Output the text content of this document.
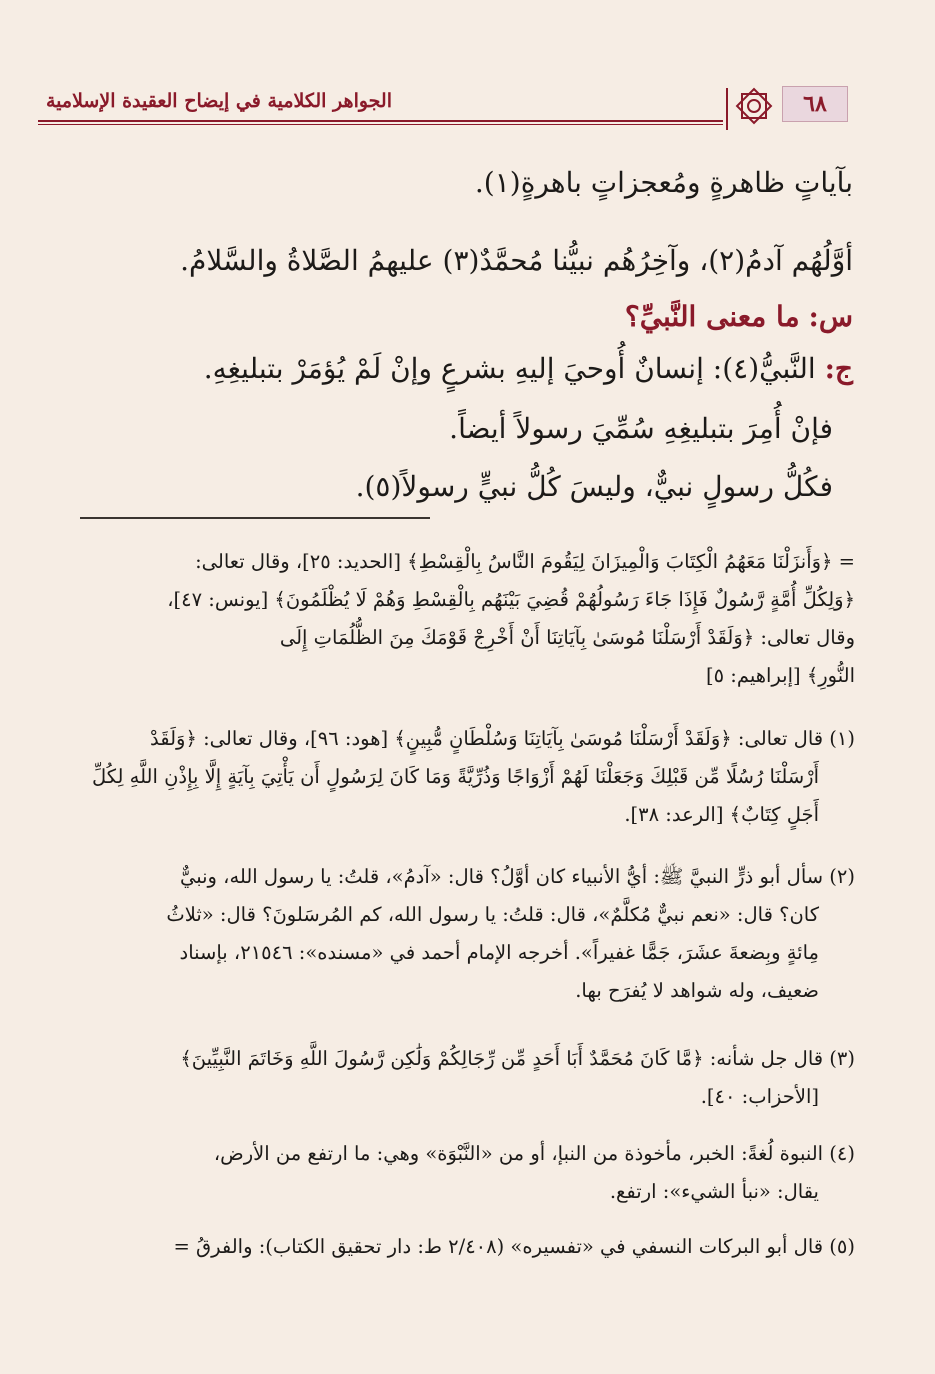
٦٨
الجواهر الكلامية في إيضاح العقيدة الإسلامية

بآياتٍ ظاهرةٍ ومُعجزاتٍ باهرةٍ(١).

أوَّلُهُم آدمُ(٢)، وآخِرُهُم نبيُّنا مُحمَّدٌ(٣) عليهمُ الصَّلاةُ والسَّلامُ.

س: ما معنى النَّبيِّ؟

ج: النَّبيُّ(٤): إنسانٌ أُوحيَ إليهِ بشرعٍ وإنْ لَمْ يُؤمَرْ بتبليغِهِ.

فإنْ أُمِرَ بتبليغِهِ سُمِّيَ رسولاً أيضاً.

فكُلُّ رسولٍ نبيٌّ، وليسَ كُلُّ نبيٍّ رسولاً(٥).

= ﴿وَأَنزَلْنَا مَعَهُمُ الْكِتَابَ وَالْمِيزَانَ لِيَقُومَ النَّاسُ بِالْقِسْطِ﴾ [الحديد: ٢٥]، وقال تعالى:
﴿وَلِكُلِّ أُمَّةٍ رَّسُولٌ فَإِذَا جَاءَ رَسُولُهُمْ قُضِيَ بَيْنَهُم بِالْقِسْطِ وَهُمْ لَا يُظْلَمُونَ﴾ [يونس: ٤٧]،
وقال تعالى: ﴿وَلَقَدْ أَرْسَلْنَا مُوسَىٰ بِآيَاتِنَا أَنْ أَخْرِجْ قَوْمَكَ مِنَ الظُّلُمَاتِ إِلَى
النُّورِ﴾ [إبراهيم: ٥]
(١) قال تعالى: ﴿وَلَقَدْ أَرْسَلْنَا مُوسَىٰ بِآيَاتِنَا وَسُلْطَانٍ مُّبِينٍ﴾ [هود: ٩٦]، وقال تعالى: ﴿وَلَقَدْ
أَرْسَلْنَا رُسُلًا مِّن قَبْلِكَ وَجَعَلْنَا لَهُمْ أَزْوَاجًا وَذُرِّيَّةً وَمَا كَانَ لِرَسُولٍ أَن يَأْتِيَ بِآيَةٍ إِلَّا بِإِذْنِ اللَّهِ لِكُلِّ
أَجَلٍ كِتَابٌ﴾ [الرعد: ٣٨].
(٢) سأل أبو ذرٍّ النبيَّ ﷺ: أيُّ الأنبياء كان أوَّلُ؟ قال: «آدمُ»، قلتُ: يا رسول الله، ونبيٌّ
كان؟ قال: «نعم نبيٌّ مُكلَّمٌ»، قال: قلتُ: يا رسول الله، كم المُرسَلونَ؟ قال: «ثلاثُ
مِائةٍ وبِضعةَ عشَرَ، جَمًّا غفيراً». أخرجه الإمام أحمد في «مسنده»: ٢١٥٤٦، بإسناد
ضعيف، وله شواهد لا يُفرَح بها.
(٣) قال جل شأنه: ﴿مَّا كَانَ مُحَمَّدٌ أَبَا أَحَدٍ مِّن رِّجَالِكُمْ وَلَٰكِن رَّسُولَ اللَّهِ وَخَاتَمَ النَّبِيِّينَ﴾
[الأحزاب: ٤٠].
(٤) النبوة لُغةً: الخبر، مأخوذة من النبإ، أو من «النَّبْوَة» وهي: ما ارتفع من الأرض،
يقال: «نبأ الشيء»: ارتفع.
(٥) قال أبو البركات النسفي في «تفسيره» (٢/٤٠٨ ط: دار تحقيق الكتاب): والفرقُ =
